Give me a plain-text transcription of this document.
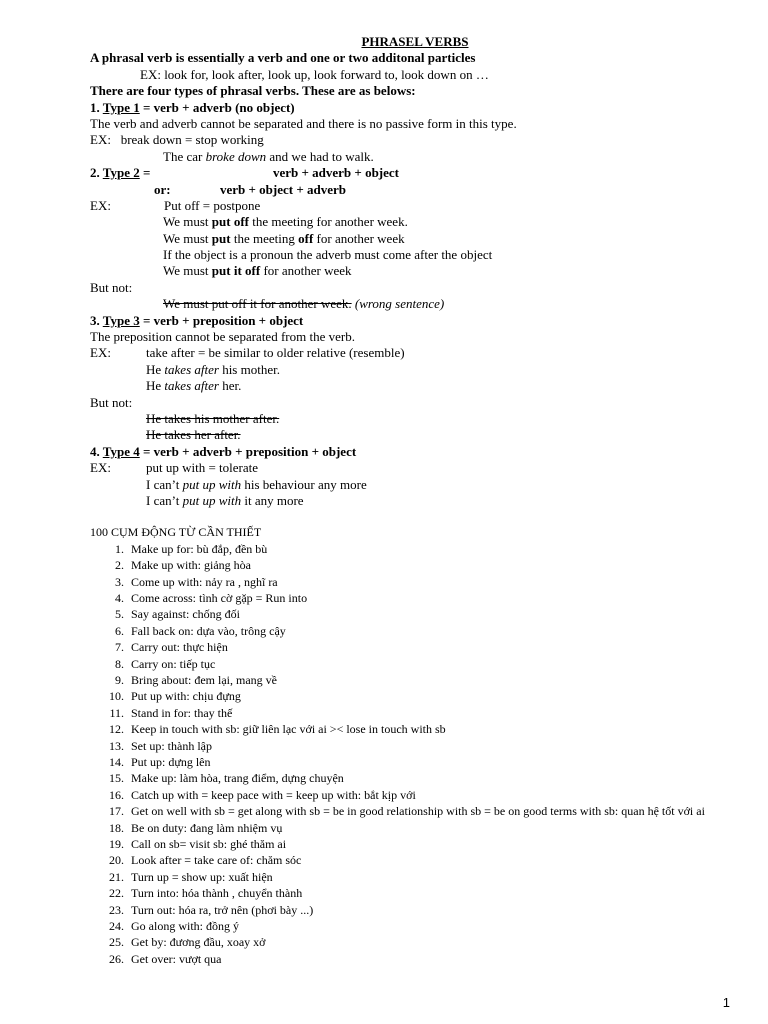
PHRASEL VERBS
A phrasal verb is essentially a verb and one or two additonal particles
EX: look for, look after, look up, look forward to, look down on …
There are four types of phrasal verbs. These are as belows:
1. Type 1 = verb + adverb (no object)
The verb and adverb cannot be separated and there is no passive form in this type.
EX: break down = stop working
The car broke down and we had to walk.
2. Type 2 =	verb + adverb + object
or:	verb + object + adverb
EX:	Put off = postpone
We must put off the meeting for another week.
We must put the meeting off for another week
If the object is a pronoun the adverb must come after the object
We must put it off for another week
But not:
We must put off it for another week. (wrong sentence)
3. Type 3 = verb + preposition + object
The preposition cannot be separated from the verb.
EX:	take after = be similar to older relative (resemble)
He takes after his mother.
He takes after her.
But not:
He takes his mother after.
He takes her after.
4. Type 4 = verb + adverb + preposition + object
EX:	put up with = tolerate
I can’t put up with his behaviour any more
I can’t put up with it any more
100 CỤM ĐỘNG TỪ CẦN THIẾT
1. Make up for: bù đắp, đền bù
2. Make up with: giảng hòa
3. Come up with: nảy ra , nghĩ ra
4. Come across: tình cờ gặp = Run into
5. Say against: chống đối
6. Fall back on: dựa vào, trông cậy
7. Carry out: thực hiện
8. Carry on: tiếp tục
9. Bring about: đem lại, mang về
10. Put up with: chịu đựng
11. Stand in for: thay thế
12. Keep in touch with sb: giữ liên lạc với ai >< lose in touch with sb
13. Set up: thành lập
14. Put up: dựng lên
15. Make up: làm hòa, trang điểm, dựng chuyện
16. Catch up with = keep pace with = keep up with: bắt kịp với
17. Get on well with sb = get along with sb = be in good relationship with sb = be on good terms with sb: quan hệ tốt với ai
18. Be on duty: đang làm nhiệm vụ
19. Call on sb= visit sb: ghé thăm ai
20. Look after = take care of: chăm sóc
21. Turn up = show up: xuất hiện
22. Turn into: hóa thành , chuyển thành
23. Turn out: hóa ra, trở nên (phơi bày ...)
24. Go along with: đồng ý
25. Get by: đương đầu, xoay xở
26. Get over: vượt qua
1
